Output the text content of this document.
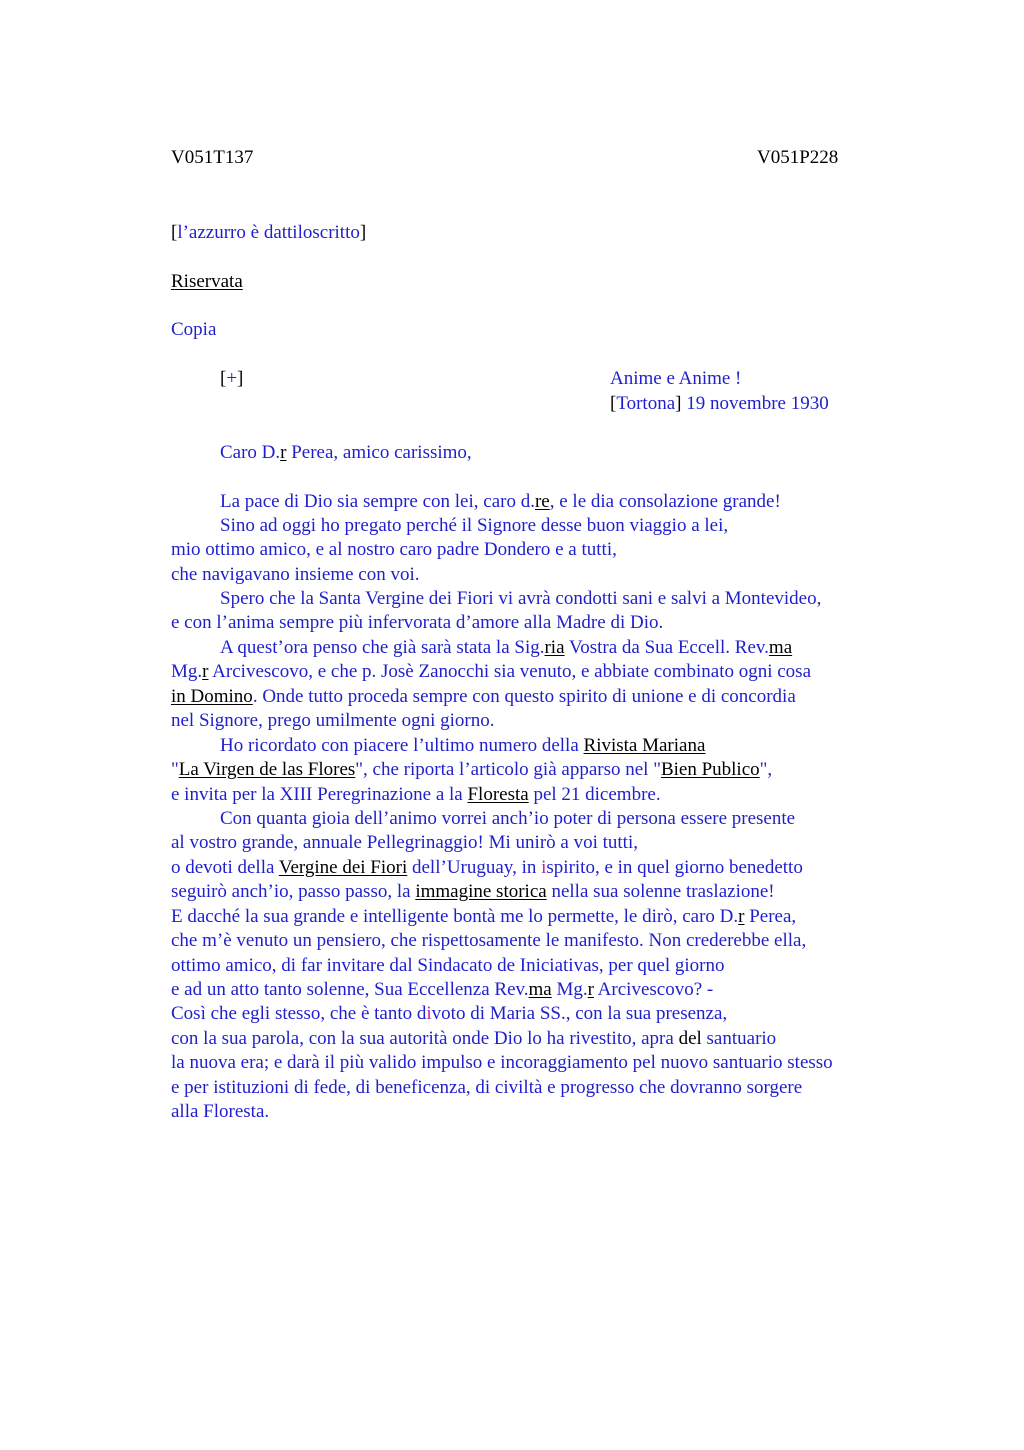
V051T137	V051P228
[l’azzurro è dattiloscritto]
Riservata
Copia
[+]	Anime e Anime !
[Tortona] 19 novembre 1930
Caro D.r Perea, amico carissimo,
La pace di Dio sia sempre con lei, caro d.re, e le dia consolazione grande!
Sino ad oggi ho pregato perché il Signore desse buon viaggio a lei,
mio ottimo amico, e al nostro caro padre Dondero e a tutti,
che navigavano insieme con voi.
Spero che la Santa Vergine dei Fiori vi avrà condotti sani e salvi a Montevideo,
e con l’anima sempre più infervorata d’amore alla Madre di Dio.
A quest’ora penso che già sarà stata la Sig.ria Vostra da Sua Eccell. Rev.ma
Mg.r Arcivescovo, e che p. Josè Zanocchi sia venuto, e abbiate combinato ogni cosa
in Domino. Onde tutto proceda sempre con questo spirito di unione e di concordia
nel Signore, prego umilmente ogni giorno.
Ho ricordato con piacere l’ultimo numero della Rivista Mariana
"La Virgen de las Flores", che riporta l’articolo già apparso nel "Bien Publico",
e invita per la XIII Peregrinazione a la Floresta pel 21 dicembre.
Con quanta gioia dell’animo vorrei anch’io poter di persona essere presente
al vostro grande, annuale Pellegrinaggio! Mi unirò a voi tutti,
o devoti della Vergine dei Fiori dell’Uruguay, in ispirito, e in quel giorno benedetto
seguirò anch’io, passo passo, la immagine storica nella sua solenne traslazione!
E dacché la sua grande e intelligente bontà me lo permette, le dirò, caro D.r Perea,
che m’è venuto un pensiero, che rispettosamente le manifesto. Non crederebbe ella,
ottimo amico, di far invitare dal Sindacato de Iniciativas, per quel giorno
e ad un atto tanto solenne, Sua Eccellenza Rev.ma Mg.r Arcivescovo? -
Così che egli stesso, che è tanto divoto di Maria SS., con la sua presenza,
con la sua parola, con la sua autorità onde Dio lo ha rivestito, apra del santuario
la nuova era; e darà il più valido impulso e incoraggiamento pel nuovo santuario stesso
e per istituzioni di fede, di beneficenza, di civiltà e progresso che dovranno sorgere
alla Floresta.
